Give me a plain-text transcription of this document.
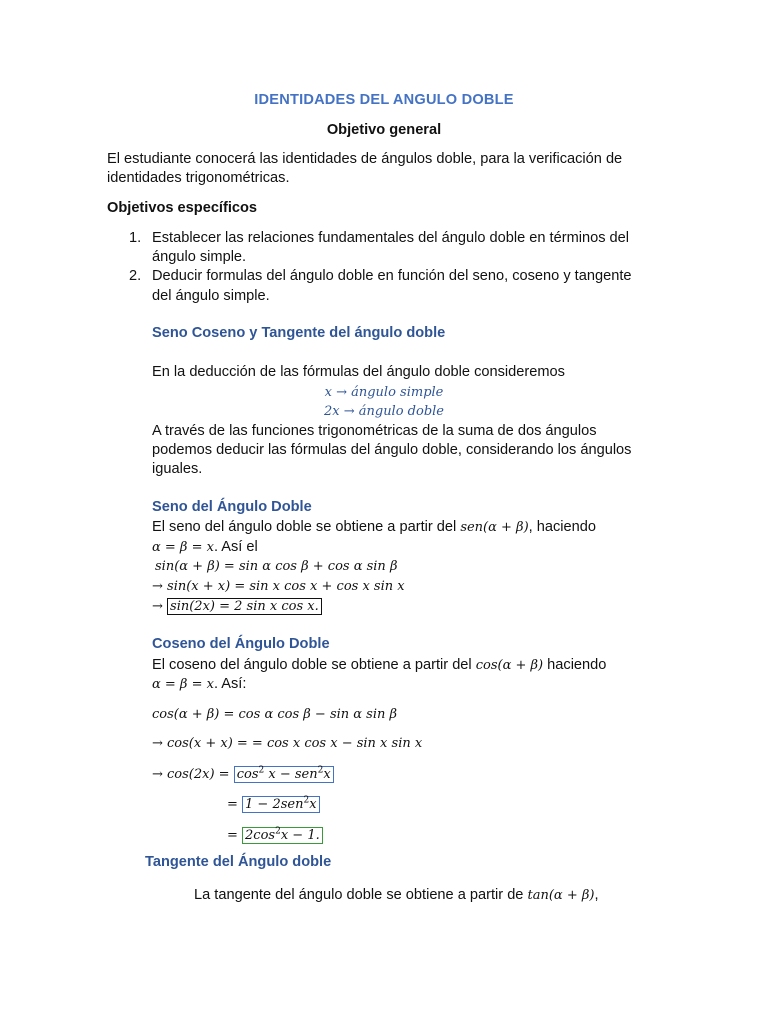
IDENTIDADES DEL ANGULO DOBLE
Objetivo general
El estudiante conocerá las identidades de ángulos doble, para la verificación de
identidades trigonométricas.
Objetivos específicos
1. Establecer las relaciones fundamentales del ángulo doble en términos del
ángulo simple.
2. Deducir formulas del ángulo doble en función del seno, coseno y tangente
del ángulo simple.
Seno Coseno y Tangente del ángulo doble
En la deducción de las fórmulas del ángulo doble consideremos
x → ángulo simple
2x → ángulo doble
A través de las funciones trigonométricas de la suma de dos ángulos
podemos deducir las fórmulas del ángulo doble, considerando los ángulos
iguales.
Seno del Ángulo Doble
El seno del ángulo doble se obtiene a partir del sen(α + β), haciendo
α = β = x. Así el
sin(α + β) = sin α cos β + cos α sin β
→ sin(x + x) = sin x cos x + cos x sin x
→ sin(2x) = 2 sin x cos x.
Coseno del Ángulo Doble
El coseno del ángulo doble se obtiene a partir del cos(α + β) haciendo
α = β = x. Así:
cos(α + β) = cos α cos β − sin α sin β
→ cos(x + x) = = cos x cos x − sin x sin x
→ $\cos(2x) = \cos^2 x - sen^2x$
= 1 − 2sen$^2$x
= $2\cos^2x - 1$.
Tangente del Ángulo doble
La tangente del ángulo doble se obtiene a partir de tan(α + β),
